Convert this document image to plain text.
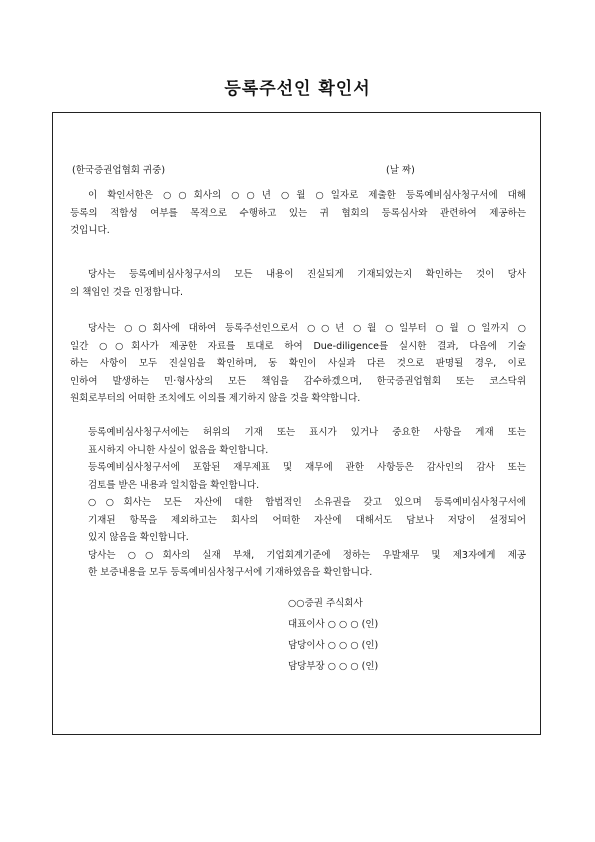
등록주선인 확인서
(한국증권업협회 귀중)	(날 짜)

이 확인서한은 ○○회사의 ○○년 ○월 ○일자로 제출한 등록예비심사청구서에 대해
등록의 적합성 여부를 목적으로 수행하고 있는 귀 협회의 등록심사와 관련하여 제공하는
것입니다.

당사는 등록예비심사청구서의 모든 내용이 진실되게 기재되었는지 확인하는 것이 당사
의 책임인 것을 인정합니다.

당사는 ○○회사에 대하여 등록주선인으로서 ○○년 ○월 ○일부터 ○월 ○일까지 ○
일간 ○○회사가 제공한 자료를 토대로 하여 Due-diligence를 실시한 결과, 다음에 기술
하는 사항이 모두 진실임을 확인하며, 동 확인이 사실과 다른 것으로 판명될 경우, 이로
인하여 발생하는 민·형사상의 모든 책임을 감수하겠으며, 한국증권업협회 또는 코스닥위
원회로부터의 어떠한 조치에도 이의를 제기하지 않을 것을 확약합니다.

등록예비심사청구서에는 허위의 기재 또는 표시가 있거나 중요한 사항을 게재 또는
표시하지 아니한 사실이 없음을 확인합니다.
등록예비심사청구서에 포함된 재무제표 및 재무에 관한 사항등은 감사인의 감사 또는
검토를 받은 내용과 일치함을 확인합니다.
○○회사는 모든 자산에 대한 합법적인 소유권을 갖고 있으며 등록예비심사청구서에
기재된 항목을 제외하고는 회사의 어떠한 자산에 대해서도 담보나 저당이 설정되어
있지 않음을 확인합니다.
당사는 ○○회사의 실재 부채, 기업회계기준에 정하는 우발채무 및 제3자에게 제공
한 보증내용을 모두 등록예비심사청구서에 기재하였음을 확인합니다.
○○증권 주식회사
대표이사 ○ ○ ○ (인)
담당이사 ○ ○ ○ (인)
담당부장 ○ ○ ○ (인)
